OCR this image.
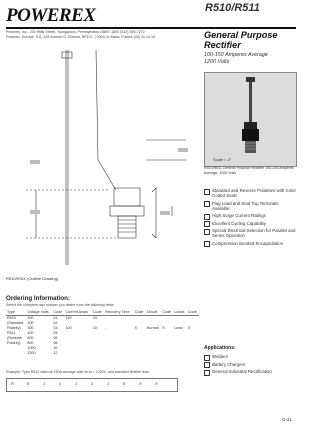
POWEREX	R510/R511
Powerex, Inc., 200 Hillis Street, Youngwood, Pennsylvania 15697-1800 (412) 925-7272
Powerex, Europe, S.A. 428 Avenue G. Durand, BP107, 72003 Le Mans, France (43) 41.14.14	General Purpose
Rectifier
100-150 Amperes Average
1200 Volts
Scale = 2"
R510/R511 General Purpose Rectifier 100-150 Amperes Average, 1200 Volts
R510/R511 (Outline Drawing)
Ordering Information:
Select the complete part number you desire from the following table:
Type	Voltage Volts	Code	Current Amps	Code	Recovery Time	Code	Circuit	Code	Leads	Code
R510	100	01	150	15						
(Standard	200	02								
Polarity)	300	03	100	10	-	X	Normal	X	Lead	X
R511	400	04								
(Reverse	600	06								
Polarity)	800	08								
	1000	10								
	1200	12								
Example: Type R510 rated at 150A average with Vrrm = 1200V, and standard flexible lead.
R	5	1	0	1	2	1	5	X	X
Standard and Reverse Polarities with Color Coded Seals
Flag Lead and Stud Top Terminals Available
High Surge Current Ratings
Excellent Cycling Capability
Special Electrical Selection for Parallel and Series Operation
Compression Bonded Encapsulation
Applications:
Welders
Battery Chargers
General Industrial Rectification
G-21
